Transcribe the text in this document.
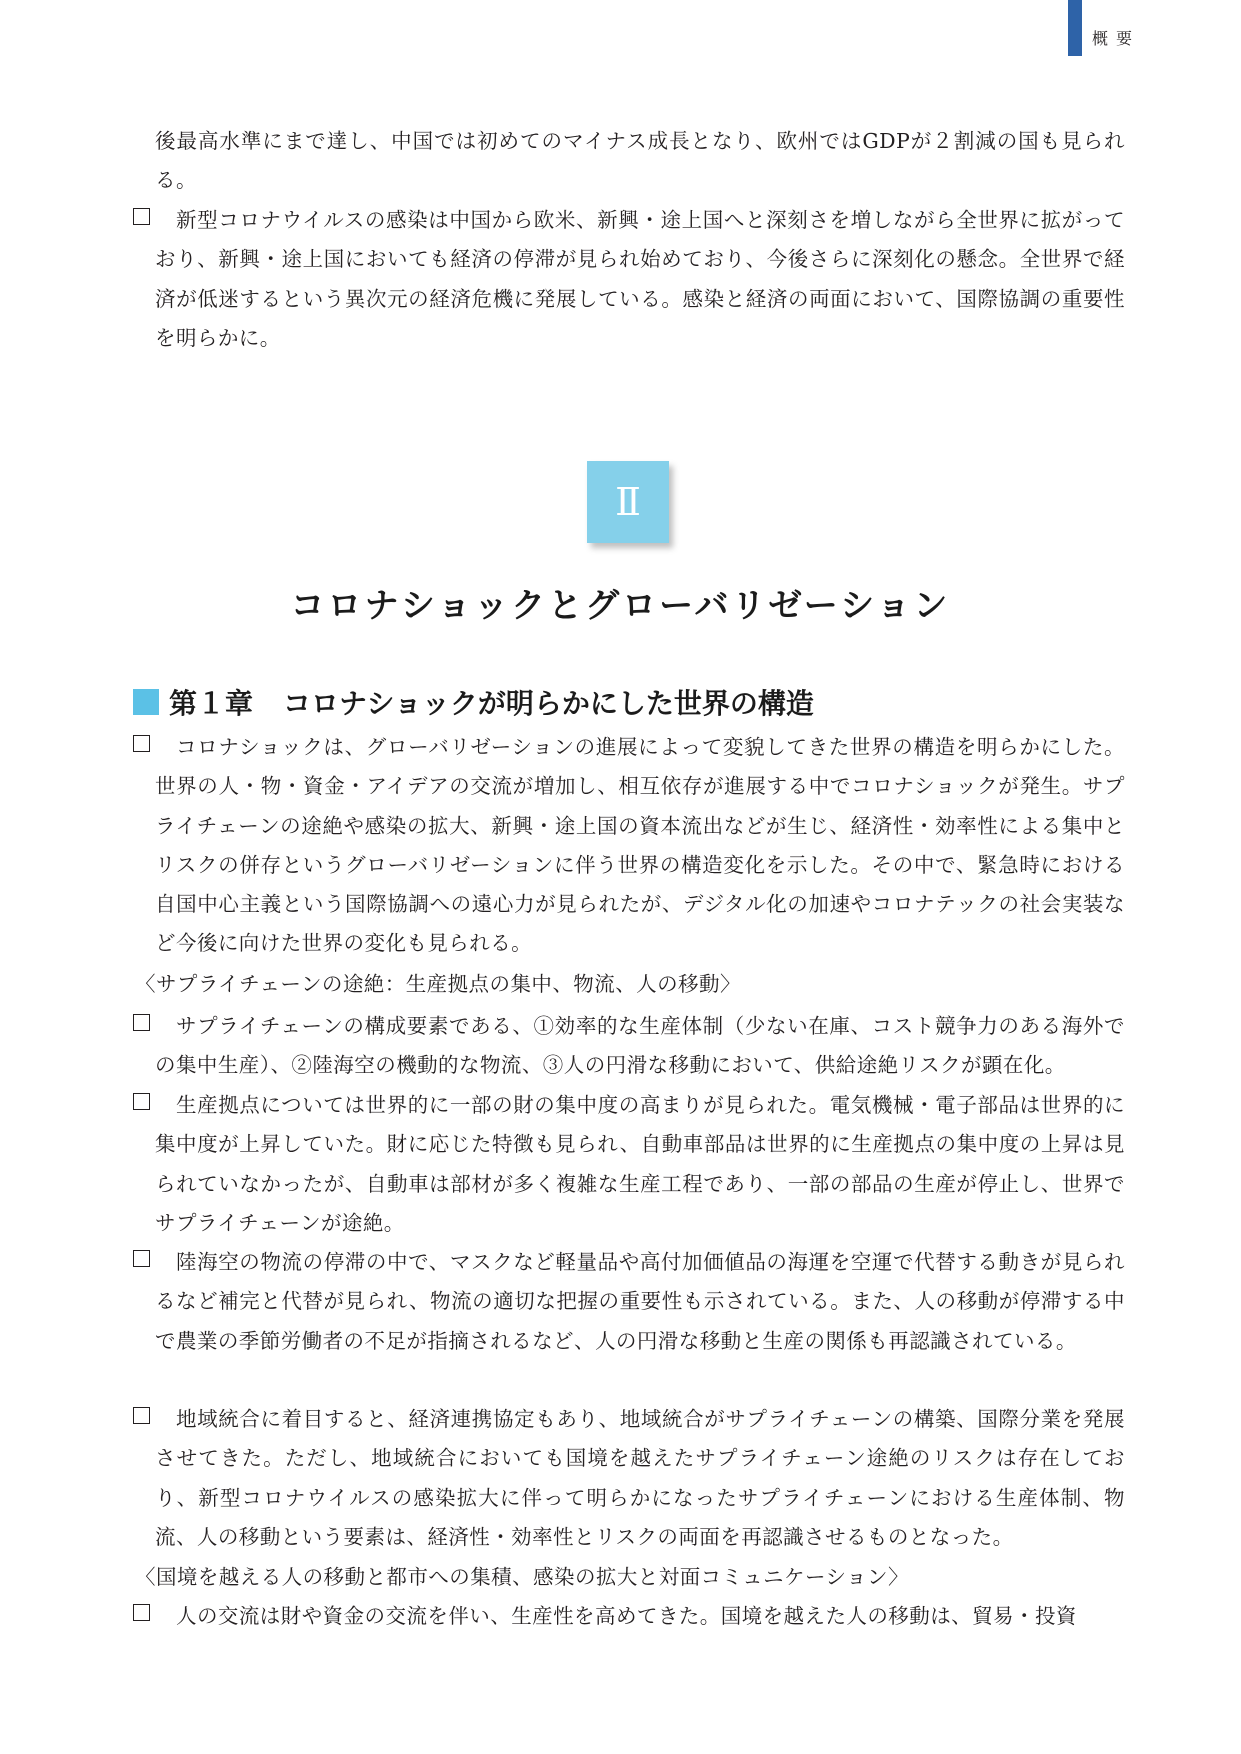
概要
後最高水準にまで達し、中国では初めてのマイナス成長となり、欧州ではGDPが２割減の国も見られる。
新型コロナウイルスの感染は中国から欧米、新興・途上国へと深刻さを増しながら全世界に拡がっており、新興・途上国においても経済の停滞が見られ始めており、今後さらに深刻化の懸念。全世界で経済が低迷するという異次元の経済危機に発展している。感染と経済の両面において、国際協調の重要性を明らかに。
Ⅱ
コロナショックとグローバリゼーション
第１章 コロナショックが明らかにした世界の構造
コロナショックは、グローバリゼーションの進展によって変貌してきた世界の構造を明らかにした。世界の人・物・資金・アイデアの交流が増加し、相互依存が進展する中でコロナショックが発生。サプライチェーンの途絶や感染の拡大、新興・途上国の資本流出などが生じ、経済性・効率性による集中とリスクの併存というグローバリゼーションに伴う世界の構造変化を示した。その中で、緊急時における自国中心主義という国際協調への遠心力が見られたが、デジタル化の加速やコロナテックの社会実装など今後に向けた世界の変化も見られる。
〈サプライチェーンの途絶：生産拠点の集中、物流、人の移動〉
サプライチェーンの構成要素である、①効率的な生産体制（少ない在庫、コスト競争力のある海外での集中生産）、②陸海空の機動的な物流、③人の円滑な移動において、供給途絶リスクが顕在化。
生産拠点については世界的に一部の財の集中度の高まりが見られた。電気機械・電子部品は世界的に集中度が上昇していた。財に応じた特徴も見られ、自動車部品は世界的に生産拠点の集中度の上昇は見られていなかったが、自動車は部材が多く複雑な生産工程であり、一部の部品の生産が停止し、世界でサプライチェーンが途絶。
陸海空の物流の停滞の中で、マスクなど軽量品や高付加価値品の海運を空運で代替する動きが見られるなど補完と代替が見られ、物流の適切な把握の重要性も示されている。また、人の移動が停滞する中で農業の季節労働者の不足が指摘されるなど、人の円滑な移動と生産の関係も再認識されている。
地域統合に着目すると、経済連携協定もあり、地域統合がサプライチェーンの構築、国際分業を発展させてきた。ただし、地域統合においても国境を越えたサプライチェーン途絶のリスクは存在しており、新型コロナウイルスの感染拡大に伴って明らかになったサプライチェーンにおける生産体制、物流、人の移動という要素は、経済性・効率性とリスクの両面を再認識させるものとなった。
〈国境を越える人の移動と都市への集積、感染の拡大と対面コミュニケーション〉
人の交流は財や資金の交流を伴い、生産性を高めてきた。国境を越えた人の移動は、貿易・投資
